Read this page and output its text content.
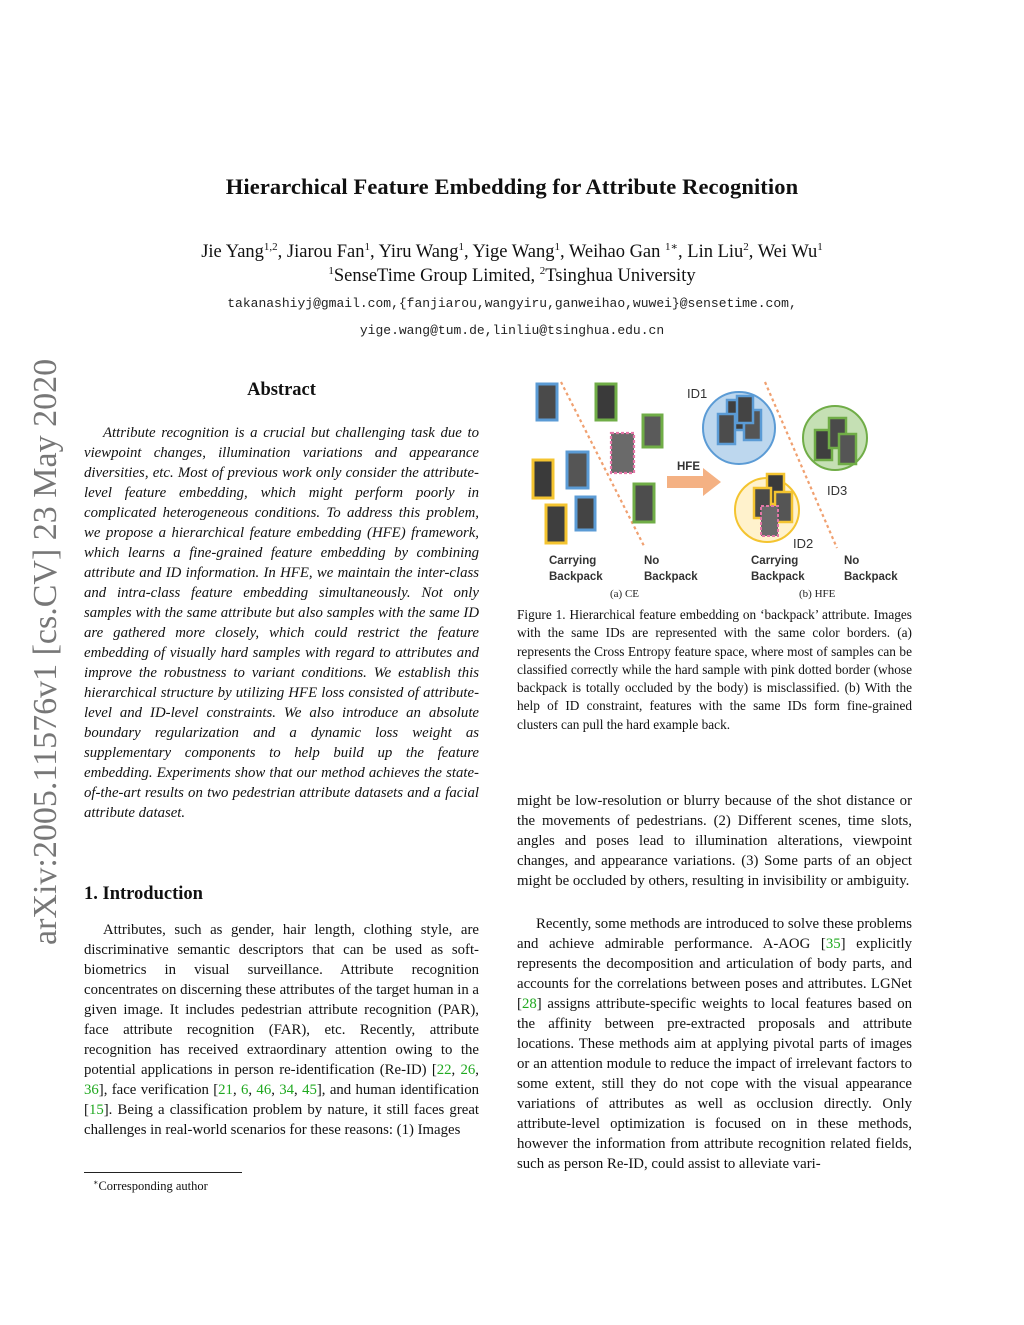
arXiv:2005.11576v1 [cs.CV] 23 May 2020
Hierarchical Feature Embedding for Attribute Recognition
Jie Yang$^{1,2}$, Jiarou Fan$^1$, Yiru Wang$^1$, Yige Wang$^1$, Weihao Gan $^{1∗}$, Lin Liu$^2$, Wei Wu$^1$
$^1$SenseTime Group Limited, $^2$Tsinghua University
takanashiyj@gmail.com,{fanjiarou,wangyiru,ganweihao,wuwei}@sensetime.com,
yige.wang@tum.de,linliu@tsinghua.edu.cn
Abstract
Attribute recognition is a crucial but challenging task due to viewpoint changes, illumination variations and appearance diversities, etc. Most of previous work only consider the attribute-level feature embedding, which might perform poorly in complicated heterogeneous conditions. To address this problem, we propose a hierarchical feature embedding (HFE) framework, which learns a fine-grained feature embedding by combining attribute and ID information. In HFE, we maintain the inter-class and intra-class feature embedding simultaneously. Not only samples with the same attribute but also samples with the same ID are gathered more closely, which could restrict the feature embedding of visually hard samples with regard to attributes and improve the robustness to variant conditions. We establish this hierarchical structure by utilizing HFE loss consisted of attribute-level and ID-level constraints. We also introduce an absolute boundary regularization and a dynamic loss weight as supplementary components to help build up the feature embedding. Experiments show that our method achieves the state-of-the-art results on two pedestrian attribute datasets and a facial attribute dataset.
1. Introduction
Attributes, such as gender, hair length, clothing style, are discriminative semantic descriptors that can be used as soft-biometrics in visual surveillance. Attribute recognition concentrates on discerning these attributes of the target human in a given image. It includes pedestrian attribute recognition (PAR), face attribute recognition (FAR), etc. Recently, attribute recognition has received extraordinary attention owing to the potential applications in person re-identification (Re-ID) [22, 26, 36], face verification [21, 6, 46, 34, 45], and human identification [15]. Being a classification problem by nature, it still faces great challenges in real-world scenarios for these reasons: (1) Images
∗Corresponding author
HFE
ID1
ID2
ID3
Carrying Backpack
No Backpack
Carrying Backpack
No Backpack
(a) CE	(b) HFE
Figure 1. Hierarchical feature embedding on ‘backpack’ attribute. Images with the same IDs are represented with the same color borders. (a) represents the Cross Entropy feature space, where most of samples can be classified correctly while the hard sample with pink dotted border (whose backpack is totally occluded by the body) is misclassified. (b) With the help of ID constraint, features with the same IDs form fine-grained clusters can pull the hard example back.
might be low-resolution or blurry because of the shot distance or the movements of pedestrians. (2) Different scenes, time slots, angles and poses lead to illumination alterations, viewpoint changes, and appearance variations. (3) Some parts of an object might be occluded by others, resulting in invisibility or ambiguity.
Recently, some methods are introduced to solve these problems and achieve admirable performance. A-AOG [35] explicitly represents the decomposition and articulation of body parts, and accounts for the correlations between poses and attributes. LGNet [28] assigns attribute-specific weights to local features based on the affinity between pre-extracted proposals and attribute locations. These methods aim at applying pivotal parts of images or an attention module to reduce the impact of irrelevant factors to some extent, still they do not cope with the visual appearance variations of attributes as well as occlusion directly. Only attribute-level optimization is focused on in these methods, however the information from attribute recognition related fields, such as person Re-ID, could assist to alleviate vari-
